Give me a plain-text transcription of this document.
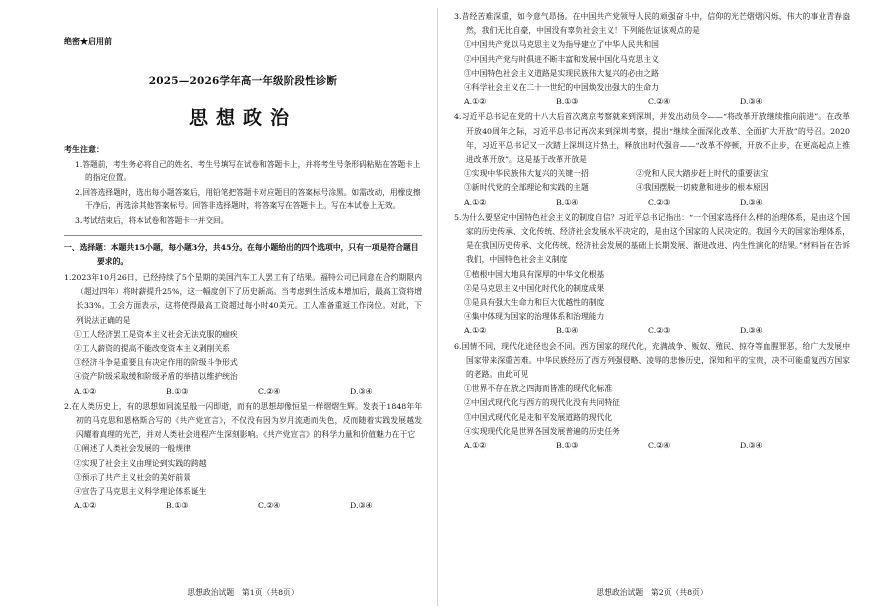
绝密★启用前
2025—2026学年高一年级阶段性诊断
思想政治
考生注意：
1.答题前，考生务必将自己的姓名、考生号填写在试卷和答题卡上，并将考生号条形码粘贴在答题卡上的指定位置。
2.回答选择题时，选出每小题答案后，用铅笔把答题卡对应题目的答案标号涂黑。如需改动，用橡皮擦干净后，再选涂其他答案标号。回答非选择题时，将答案写在答题卡上。写在本试卷上无效。
3.考试结束后，将本试卷和答题卡一并交回。
一、选择题：本题共15小题，每小题3分，共45分。在每小题给出的四个选项中，只有一项是符合题目要求的。
1.2023年10月26日，已经持续了5个星期的美国汽车工人罢工有了结果。福特公司已同意在合约期限内（超过四年）将时薪提升25%，这一幅度创下了历史新高。当考虑到生活成本增加后，最高工资将增长33%。工会方面表示，这将使得最高工资超过每小时40美元。工人准备重返工作岗位。对此，下列说法正确的是
①工人经济罢工是资本主义社会无法克服的痼疾
②工人薪资的提高不能改变资本主义剥削关系
③经济斗争是重要且有决定作用的阶级斗争形式
④资产阶级采取缓和阶级矛盾的举措以维护统治
A.①②	B.①③	C.②④	D.③④
2.在人类历史上，有的思想如同流星般一闪即逝，而有的思想却像恒星一样熠熠生辉。发表于1848年年初的马克思和恩格斯合写的《共产党宣言》，不仅没有因为岁月流逝而失色，反而随着实践发展越发闪耀着真理的光芒，并对人类社会进程产生深刻影响。《共产党宣言》的科学力量和价值魅力在于它
①阐述了人类社会发展的一般规律
②实现了社会主义由理论到实践的跨越
③预示了共产主义社会的美好前景
④宣告了马克思主义科学理论体系诞生
A.①②	B.①③	C.②④	D.③④
思想政治试题　第1页（共8页）
3.昔经苦难深重，如今意气昂扬。在中国共产党领导人民的顽强奋斗中，信仰的光芒熠熠闪烁，伟大的事业青春盎然，我们无比自豪，中国没有辜负社会主义！下列能佐证该观点的是
①中国共产党以马克思主义为指导建立了中华人民共和国
②中国共产党与时俱进不断丰富和发展中国化马克思主义
③中国特色社会主义道路是实现民族伟大复兴的必由之路
④科学社会主义在二十一世纪的中国焕发出强大的生命力
A.①②	B.①③	C.②④	D.③④
4.习近平总书记在党的十八大后首次离京考察就来到深圳，并发出动员令——“将改革开放继续推向前进”。在改革开放40周年之际，习近平总书记再次来到深圳考察，提出“继续全面深化改革、全面扩大开放”的号召。2020年，习近平总书记又一次踏上深圳这片热土，释放出时代强音——“改革不停顿，开放不止步，在更高起点上推进改革开放”。这是基于改革开放是
①实现中华民族伟大复兴的关键一招	②党和人民大踏步赶上时代的重要法宝
③新时代党的全部理论和实践的主题	④我国摆脱一切疲惫和进步的根本原因
A.①②	B.①④	C.②③	D.③④
5.为什么要坚定中国特色社会主义的制度自信？习近平总书记指出：“一个国家选择什么样的治理体系，是由这个国家的历史传承、文化传统、经济社会发展水平决定的，是由这个国家的人民决定的。我国今天的国家治理体系，是在我国历史传承、文化传统、经济社会发展的基础上长期发展、渐进改进、内生性演化的结果。”材料旨在告诉我们，中国特色社会主义制度
①植根中国大地具有深厚的中华文化根基
②是马克思主义中国化时代化的制度成果
③是具有强大生命力和巨大优越性的制度
④集中体现为国家的治理体系和治理能力
A.①②	B.①④	C.②③	D.③④
6.国情不同，现代化途径也会不同。西方国家的现代化，充满战争、贩奴、殖民、掠夺等血腥罪恶，给广大发展中国家带来深重苦难。中华民族经历了西方列强侵略、凌辱的悲惨历史，深知和平的宝贵，决不可能重复西方国家的老路。由此可见
①世界不存在放之四海而皆准的现代化标准
②中国式现代化与西方的现代化没有共同特征
③中国式现代化是走和平发展道路的现代化
④实现现代化是世界各国发展普遍的历史任务
A.①②	B.①③	C.②④	D.③④
思想政治试题　第2页（共8页）
